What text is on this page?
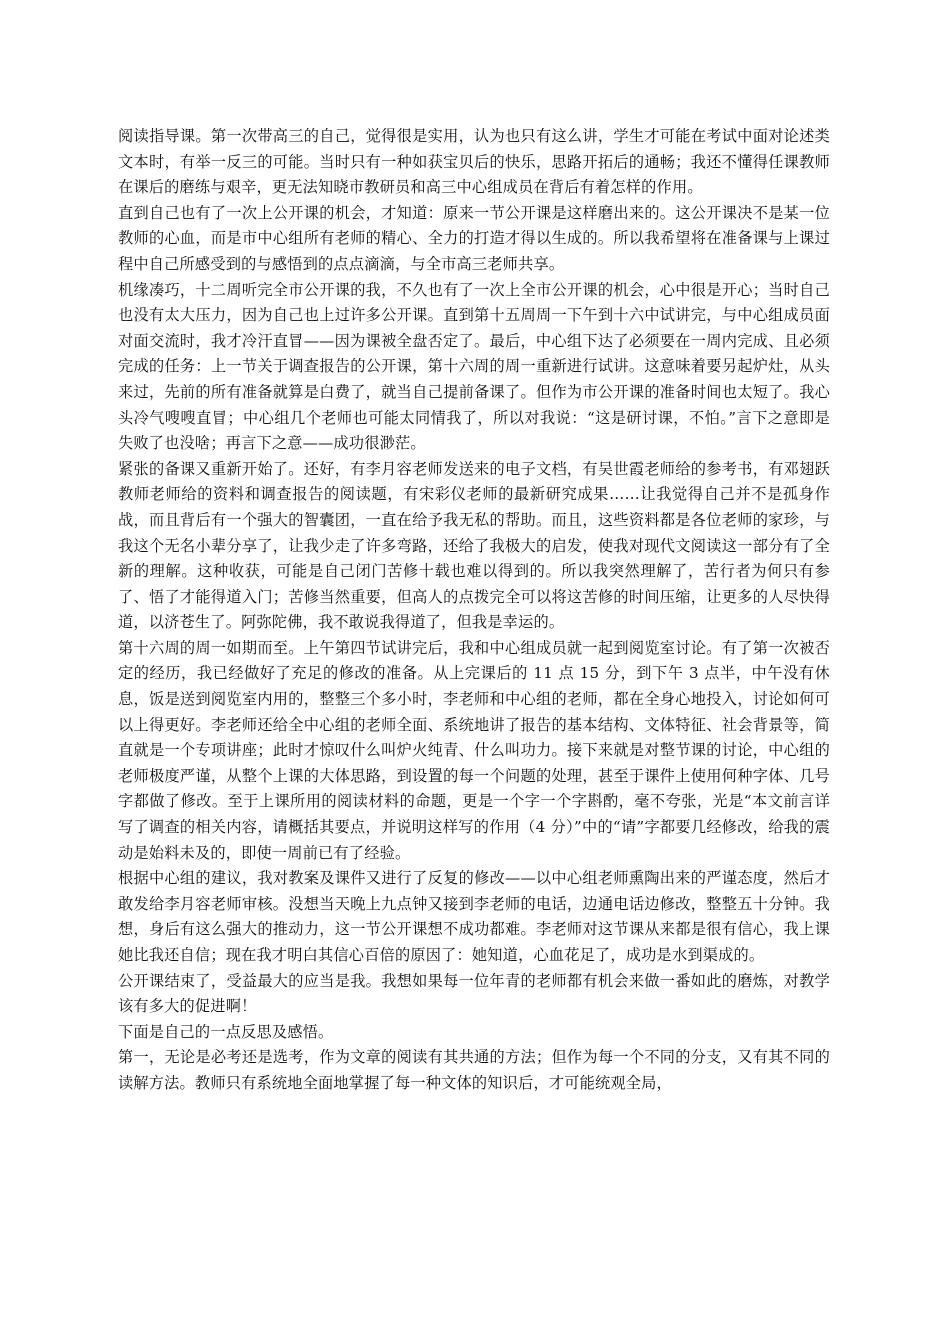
阅读指导课。第一次带高三的自己，觉得很是实用，认为也只有这么讲，学生才可能在考试中面对论述类文本时，有举一反三的可能。当时只有一种如获宝贝后的快乐，思路开拓后的通畅；我还不懂得任课教师在课后的磨练与艰辛，更无法知晓市教研员和高三中心组成员在背后有着怎样的作用。

直到自己也有了一次上公开课的机会，才知道：原来一节公开课是这样磨出来的。这公开课决不是某一位教师的心血，而是市中心组所有老师的精心、全力的打造才得以生成的。所以我希望将在准备课与上课过程中自己所感受到的与感悟到的点点滴滴，与全市高三老师共享。

机缘凑巧，十二周听完全市公开课的我，不久也有了一次上全市公开课的机会，心中很是开心；当时自己也没有太大压力，因为自己也上过许多公开课。直到第十五周周一下午到十六中试讲完，与中心组成员面对面交流时，我才冷汗直冒——因为课被全盘否定了。最后，中心组下达了必须要在一周内完成、且必须完成的任务：上一节关于调查报告的公开课，第十六周的周一重新进行试讲。这意味着要另起炉灶，从头来过，先前的所有准备就算是白费了，就当自己提前备课了。但作为市公开课的准备时间也太短了。我心头冷气嗖嗖直冒；中心组几个老师也可能太同情我了，所以对我说：“这是研讨课，不怕。”言下之意即是失败了也没啥；再言下之意——成功很渺茫。

紧张的备课又重新开始了。还好，有李月容老师发送来的电子文档，有吴世霞老师给的参考书，有邓翅跃教师老师给的资料和调查报告的阅读题，有宋彩仪老师的最新研究成果……让我觉得自己并不是孤身作战，而且背后有一个强大的智囊团，一直在给予我无私的帮助。而且，这些资料都是各位老师的家珍，与我这个无名小辈分享了，让我少走了许多弯路，还给了我极大的启发，使我对现代文阅读这一部分有了全新的理解。这种收获，可能是自己闭门苦修十载也难以得到的。所以我突然理解了，苦行者为何只有参了、悟了才能得道入门；苦修当然重要，但高人的点拨完全可以将这苦修的时间压缩，让更多的人尽快得道，以济苍生了。阿弥陀佛，我不敢说我得道了，但我是幸运的。

第十六周的周一如期而至。上午第四节试讲完后，我和中心组成员就一起到阅览室讨论。有了第一次被否定的经历，我已经做好了充足的修改的准备。从上完课后的 11 点 15 分，到下午 3 点半，中午没有休息，饭是送到阅览室内用的，整整三个多小时，李老师和中心组的老师，都在全身心地投入，讨论如何可以上得更好。李老师还给全中心组的老师全面、系统地讲了报告的基本结构、文体特征、社会背景等，简直就是一个专项讲座；此时才惊叹什么叫炉火纯青、什么叫功力。接下来就是对整节课的讨论，中心组的老师极度严谨，从整个上课的大体思路，到设置的每一个问题的处理，甚至于课件上使用何种字体、几号字都做了修改。至于上课所用的阅读材料的命题，更是一个字一个字斟酌，毫不夸张，光是“本文前言详写了调查的相关内容，请概括其要点，并说明这样写的作用（4 分）”中的“请”字都要几经修改，给我的震动是始料未及的，即使一周前已有了经验。

根据中心组的建议，我对教案及课件又进行了反复的修改——以中心组老师熏陶出来的严谨态度，然后才敢发给李月容老师审核。没想当天晚上九点钟又接到李老师的电话，边通电话边修改，整整五十分钟。我想，身后有这么强大的推动力，这一节公开课想不成功都难。李老师对这节课从来都是很有信心，我上课她比我还自信；现在我才明白其信心百倍的原因了：她知道，心血花足了，成功是水到渠成的。

公开课结束了，受益最大的应当是我。我想如果每一位年青的老师都有机会来做一番如此的磨炼，对教学该有多大的促进啊！

下面是自己的一点反思及感悟。

第一，无论是必考还是选考，作为文章的阅读有其共通的方法；但作为每一个不同的分支，又有其不同的读解方法。教师只有系统地全面地掌握了每一种文体的知识后，才可能统观全局，
